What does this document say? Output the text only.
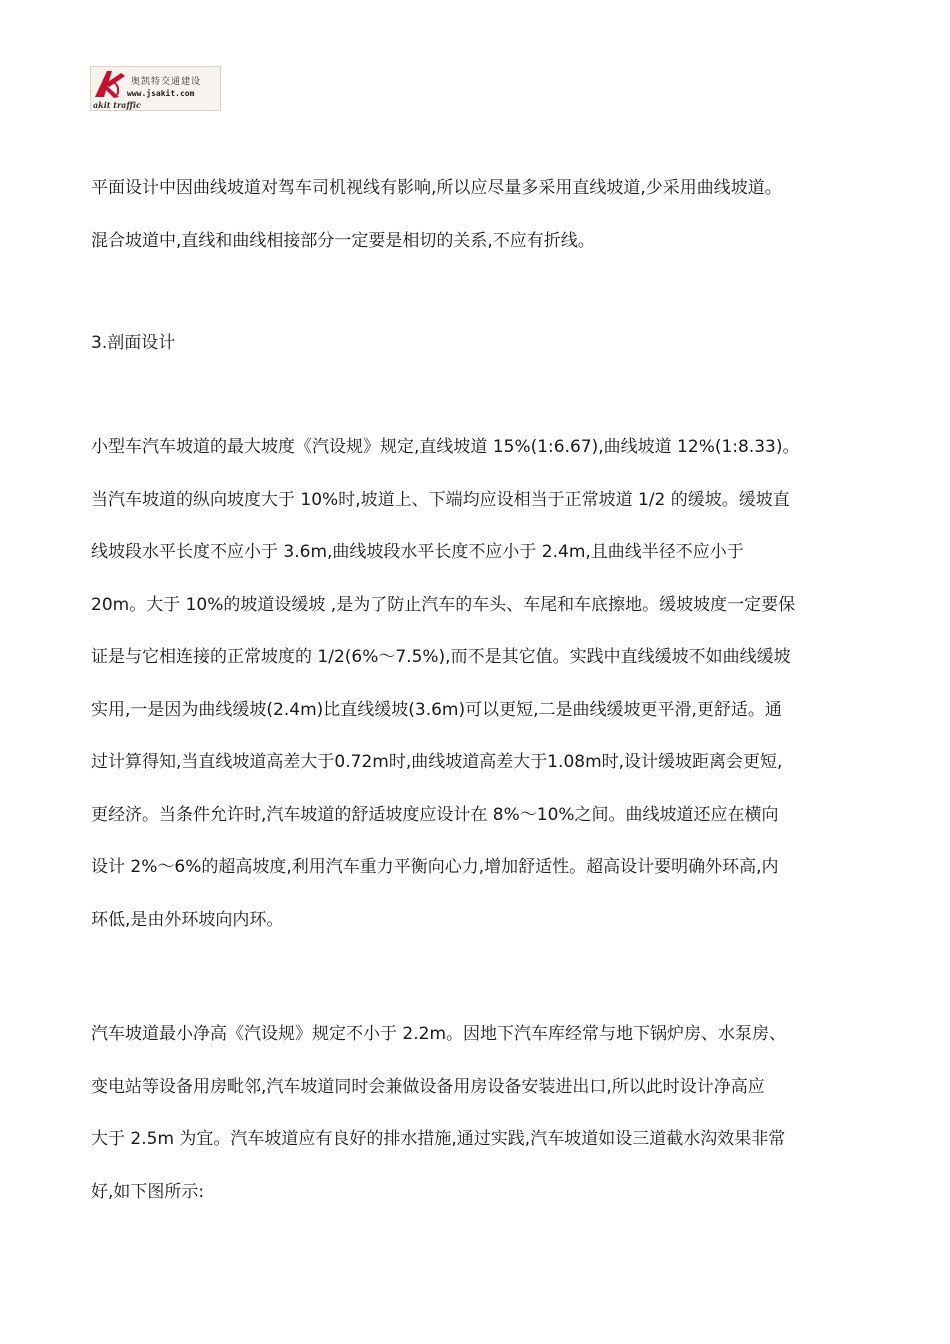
奥凯特交通建设
www.jsakit.com
akit traffic

平面设计中因曲线坡道对驾车司机视线有影响,所以应尽量多采用直线坡道,少采用曲线坡道。
混合坡道中,直线和曲线相接部分一定要是相切的关系,不应有折线。

3.剖面设计

小型车汽车坡道的最大坡度《汽设规》规定,直线坡道 15%(1:6.67),曲线坡道 12%(1:8.33)。
当汽车坡道的纵向坡度大于 10%时,坡道上、下端均应设相当于正常坡道 1/2 的缓坡。缓坡直
线坡段水平长度不应小于 3.6m,曲线坡段水平长度不应小于 2.4m,且曲线半径不应小于
20m。大于 10%的坡道设缓坡 ,是为了防止汽车的车头、车尾和车底擦地。缓坡坡度一定要保
证是与它相连接的正常坡度的 1/2(6%～7.5%),而不是其它值。实践中直线缓坡不如曲线缓坡
实用,一是因为曲线缓坡(2.4m)比直线缓坡(3.6m)可以更短,二是曲线缓坡更平滑,更舒适。通
过计算得知,当直线坡道高差大于0.72m时,曲线坡道高差大于1.08m时,设计缓坡距离会更短,
更经济。当条件允许时,汽车坡道的舒适坡度应设计在 8%～10%之间。曲线坡道还应在横向
设计 2%～6%的超高坡度,利用汽车重力平衡向心力,增加舒适性。超高设计要明确外环高,内
环低,是由外环坡向内环。

汽车坡道最小净高《汽设规》规定不小于 2.2m。因地下汽车库经常与地下锅炉房、水泵房、
变电站等设备用房毗邻,汽车坡道同时会兼做设备用房设备安装进出口,所以此时设计净高应
大于 2.5m 为宜。汽车坡道应有良好的排水措施,通过实践,汽车坡道如设三道截水沟效果非常
好,如下图所示:
